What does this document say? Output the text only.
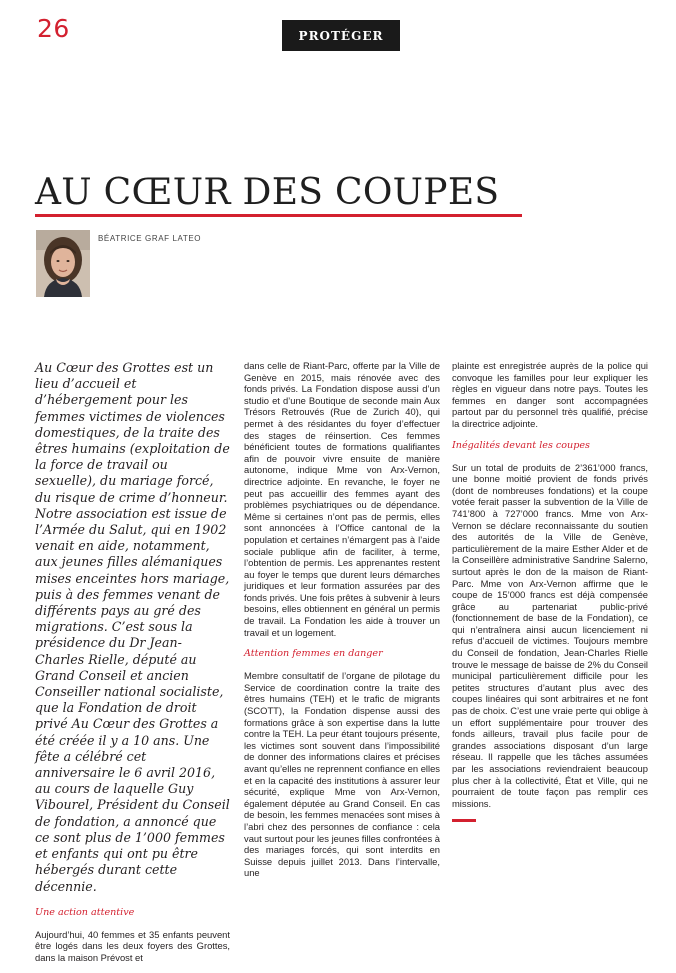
26	PROTÉGER
AU CŒUR DES COUPES
BÉATRICE GRAF LATEO

Au Cœur des Grottes est un lieu d’accueil et d’hébergement pour les femmes victimes de violences domestiques, de la traite des êtres humains (exploitation de la force de travail ou sexuelle), du mariage forcé, du risque de crime d’honneur. Notre association est issue de l’Armée du Salut, qui en 1902 venait en aide, notamment, aux jeunes filles alémaniques mises enceintes hors mariage, puis à des femmes venant de différents pays au gré des migrations. C’est sous la présidence du Dr Jean-Charles Rielle, député au Grand Conseil et ancien Conseiller national socialiste, que la Fondation de droit privé Au Cœur des Grottes a été créée il y a 10 ans. Une fête a célébré cet anniversaire le 6 avril 2016, au cours de laquelle Guy Vibourel, Président du Conseil de fondation, a annoncé que ce sont plus de 1’000 femmes et enfants qui ont pu être hébergés durant cette décennie.

Une action attentive

Aujourd’hui, 40 femmes et 35 enfants peuvent être logés dans les deux foyers des Grottes, dans la maison Prévost et

dans celle de Riant-Parc, offerte par la Ville de Genève en 2015, mais rénovée avec des fonds privés. La Fondation dispose aussi d’un studio et d’une Boutique de seconde main Aux Trésors Retrouvés (Rue de Zurich 40), qui permet à des résidantes du foyer d’effectuer des stages de réinsertion. Ces femmes bénéficient toutes de formations qualifiantes afin de pouvoir vivre ensuite de manière autonome, indique Mme von Arx-Vernon, directrice adjointe. En revanche, le foyer ne peut pas accueillir des femmes ayant des problèmes psychiatriques ou de dépendance. Même si certaines n’ont pas de permis, elles sont annoncées à l’Office cantonal de la population et certaines n’émargent pas à l’aide sociale publique afin de faciliter, à terme, l’obtention de permis. Les apprenantes restent au foyer le temps que durent leurs démarches juridiques et leur formation assurées par des fonds privés. Une fois prêtes à subvenir à leurs besoins, elles obtiennent en général un permis de travail. La Fondation les aide à trouver un travail et un logement.

Attention femmes en danger

Membre consultatif de l’organe de pilotage du Service de coordination contre la traite des êtres humains (TEH) et le trafic de migrants (SCOTT), la Fondation dispense aussi des formations grâce à son expertise dans la lutte contre la TEH. La peur étant toujours présente, les victimes sont souvent dans l’impossibilité de donner des informations claires et précises avant qu’elles ne reprennent confiance en elles et en la capacité des institutions à assurer leur sécurité, explique Mme von Arx-Vernon, également députée au Grand Conseil. En cas de besoin, les femmes menacées sont mises à l’abri chez des personnes de confiance : cela vaut surtout pour les jeunes filles confrontées à des mariages forcés, qui sont interdits en Suisse depuis juillet 2013. Dans l’intervalle, une

plainte est enregistrée auprès de la police qui convoque les familles pour leur expliquer les règles en vigueur dans notre pays. Toutes les femmes en danger sont accompagnées partout par du personnel très qualifié, précise la directrice adjointe.

Inégalités devant les coupes

Sur un total de produits de 2’361’000 francs, une bonne moitié provient de fonds privés (dont de nombreuses fondations) et la coupe votée ferait passer la subvention de la Ville de 741’800 à 727’000 francs. Mme von Arx-Vernon se déclare reconnaissante du soutien des autorités de la Ville de Genève, particulièrement de la maire Esther Alder et de la Conseillère administrative Sandrine Salerno, surtout après le don de la maison de Riant-Parc. Mme von Arx-Vernon affirme que le coupe de 15’000 francs est déjà compensée grâce au partenariat public-privé (fonctionnement de base de la Fondation), ce qui n’entraînera ainsi aucun licenciement ni refus d’accueil de victimes. Toujours membre du Conseil de fondation, Jean-Charles Rielle trouve le message de baisse de 2% du Conseil municipal particulièrement difficile pour les petites structures d’autant plus avec des coupes linéaires qui sont arbitraires et ne font pas de choix. C’est une vraie perte qui oblige à un effort supplémentaire pour trouver des fonds ailleurs, travail plus facile pour de grandes associations disposant d’un large réseau. Il rappelle que les tâches assumées par les associations reviendraient beaucoup plus cher à la collectivité, État et Ville, qui ne pourraient de toute façon pas remplir ces missions.
